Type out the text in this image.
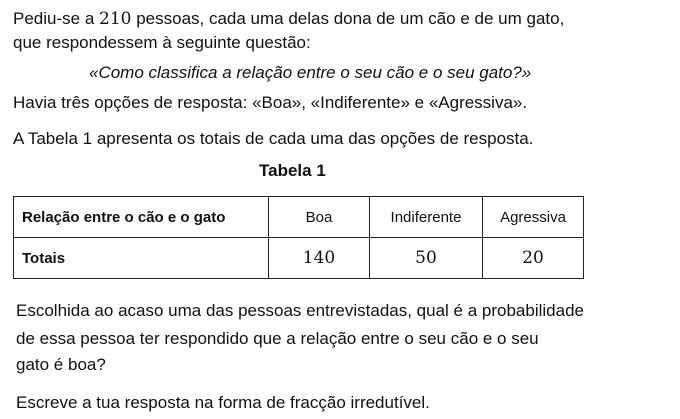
Pediu-se a 210 pessoas, cada uma delas dona de um cão e de um gato,
que respondessem à seguinte questão:
«Como classifica a relação entre o seu cão e o seu gato?»
Havia três opções de resposta: «Boa», «Indiferente» e «Agressiva».
A Tabela 1 apresenta os totais de cada uma das opções de resposta.
Tabela 1
Relação entre o cão e o gato	Boa	Indiferente	Agressiva
Totais	140	50	20
Escolhida ao acaso uma das pessoas entrevistadas, qual é a probabilidade
de essa pessoa ter respondido que a relação entre o seu cão e o seu
gato é boa?
Escreve a tua resposta na forma de fracção irredutível.
